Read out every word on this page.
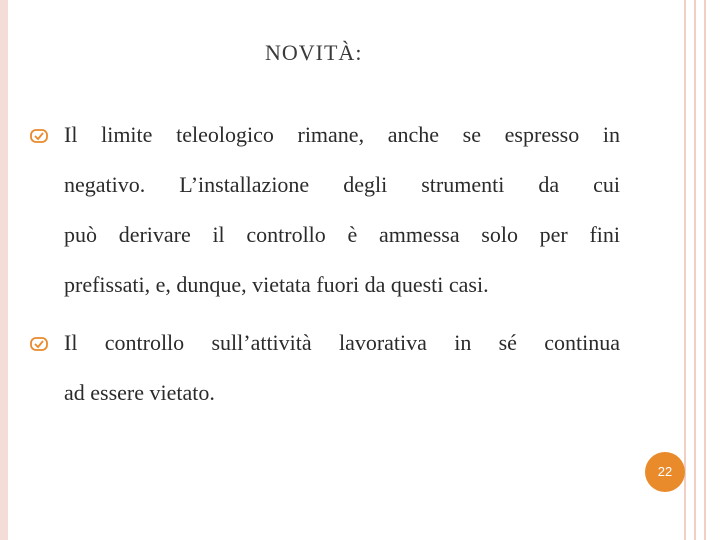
NOVITÀ:
Il limite teleologico rimane, anche se espresso in
negativo. L’installazione degli strumenti da cui
può derivare il controllo è ammessa solo per fini
prefissati, e, dunque, vietata fuori da questi casi.
Il controllo sull’attività lavorativa in sé continua
ad essere vietato.
22
